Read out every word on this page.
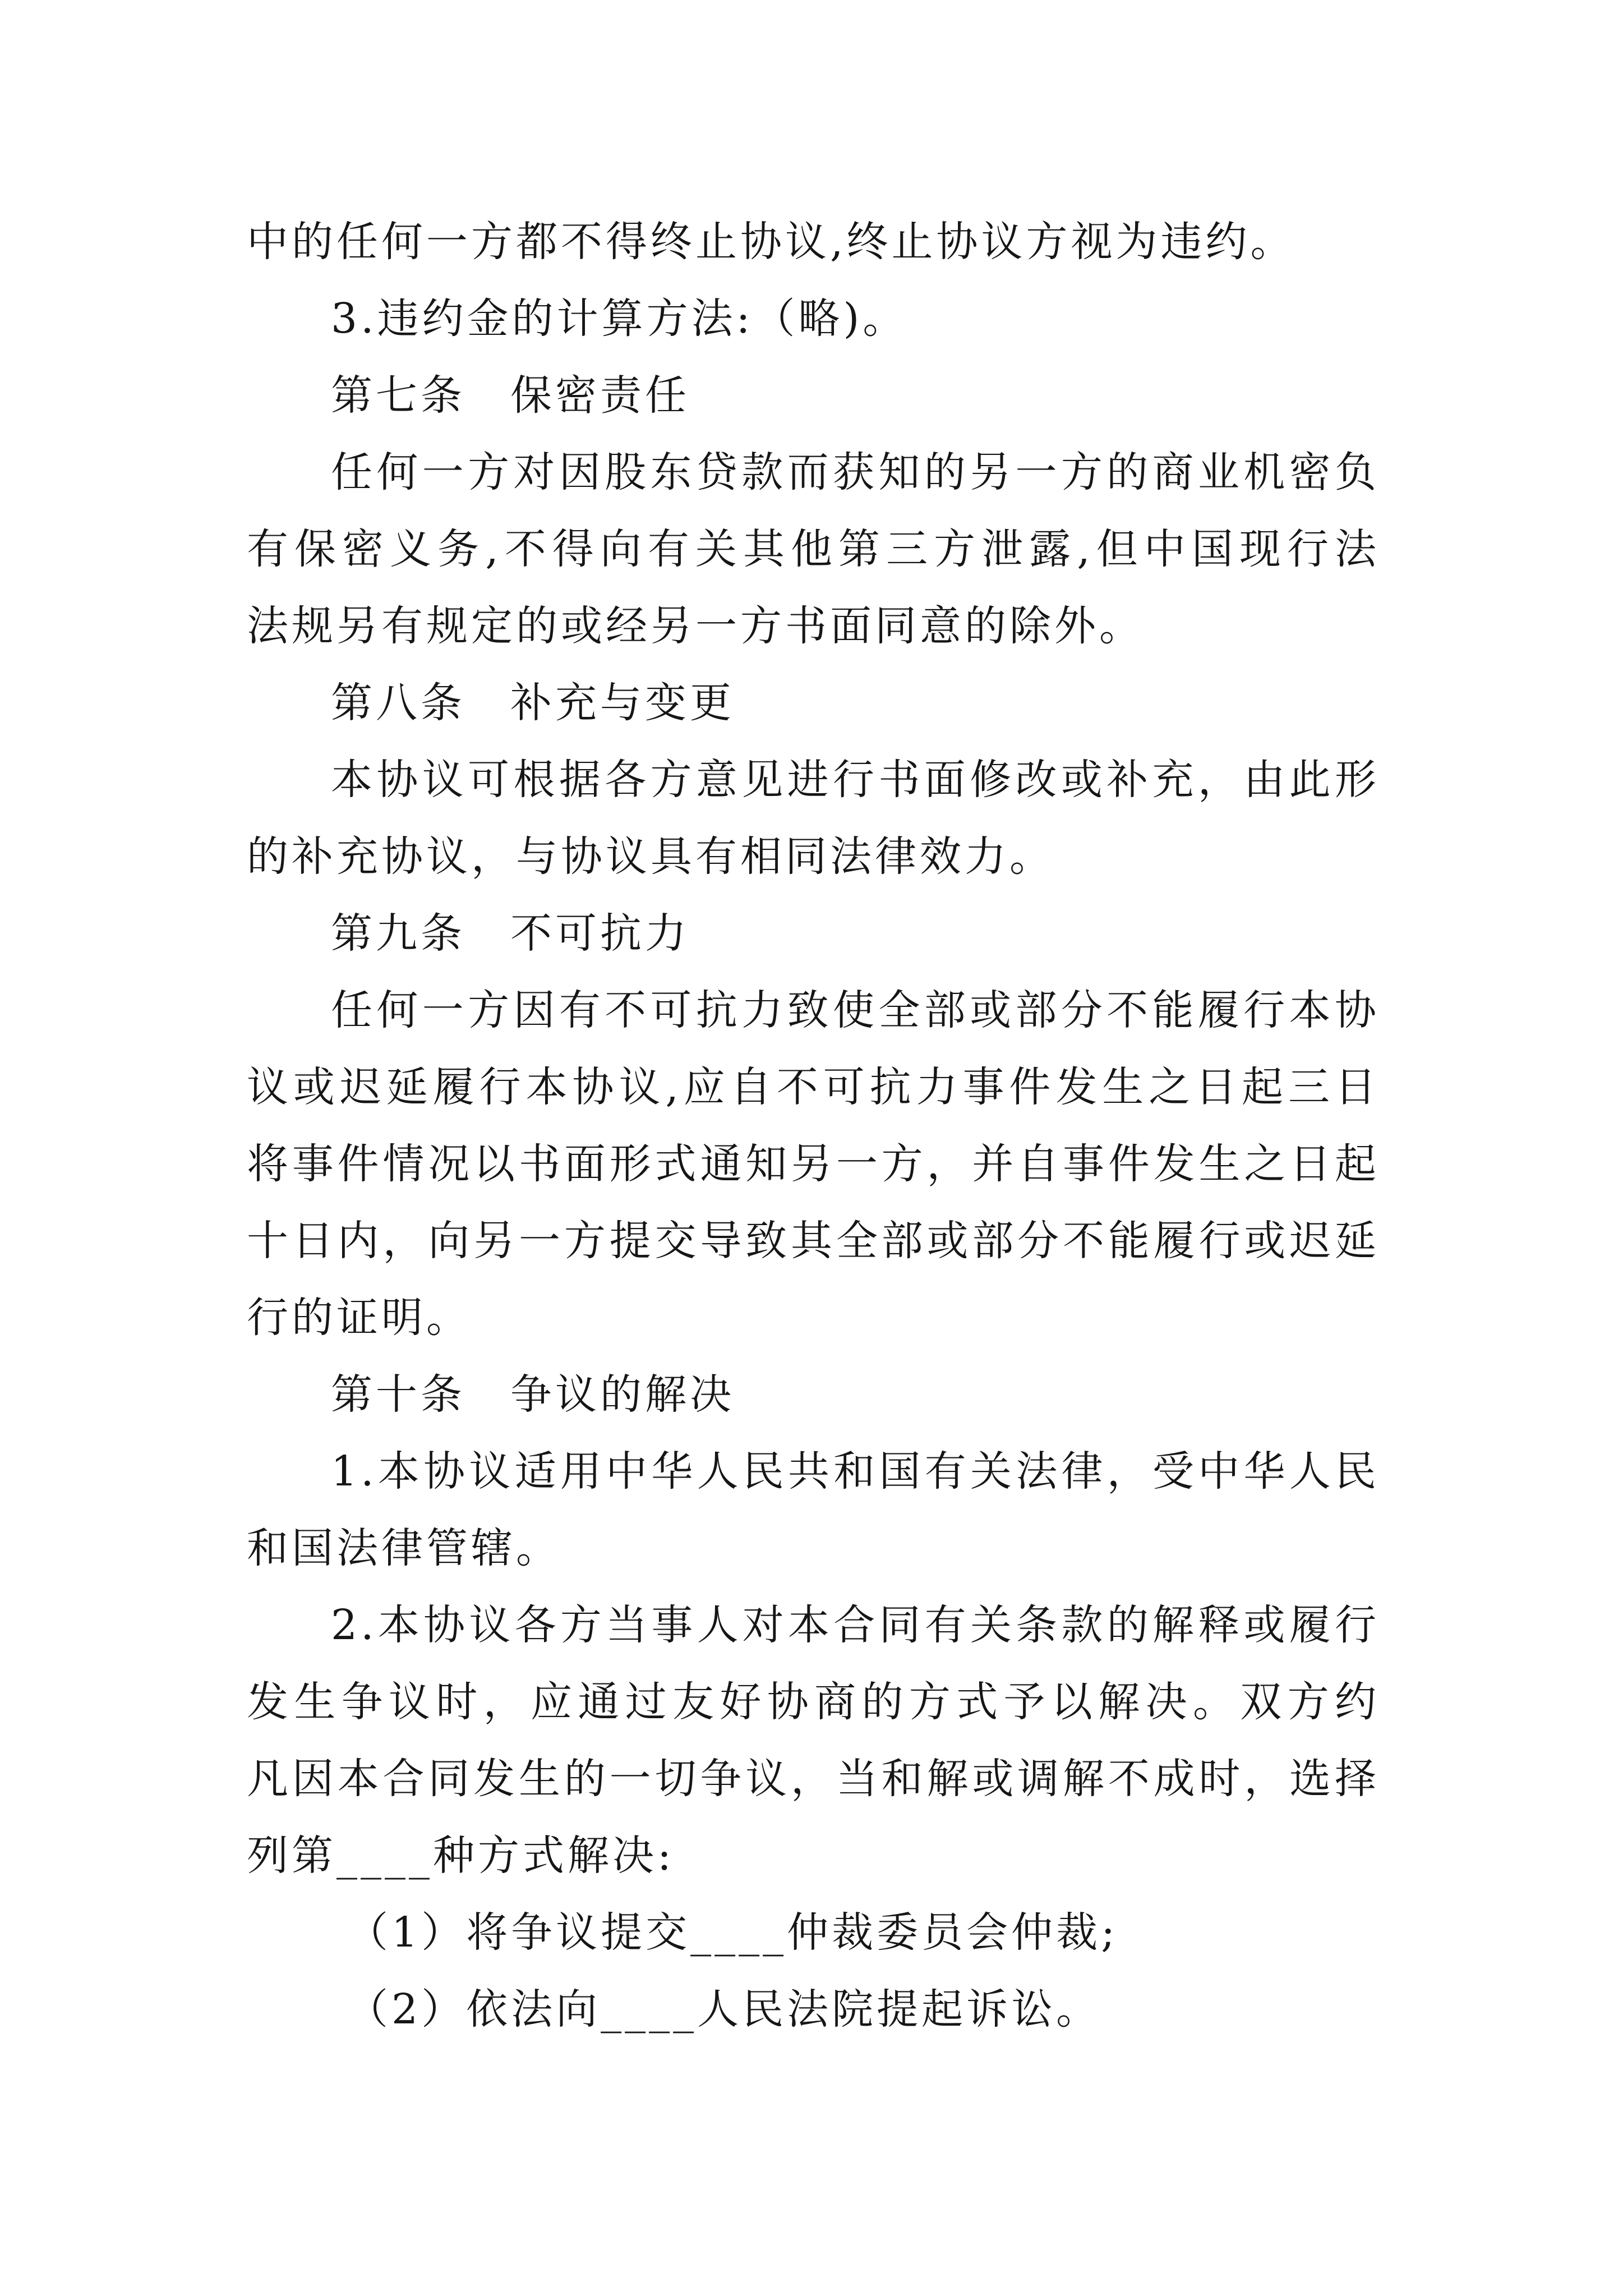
中的任何一方都不得终止协议,终止协议方视为违约。
3.违约金的计算方法:（略)。
第七条　保密责任
任何一方对因股东贷款而获知的另一方的商业机密负
有保密义务,不得向有关其他第三方泄露,但中国现行法
法规另有规定的或经另一方书面同意的除外。
第八条　补充与变更
本协议可根据各方意见进行书面修改或补充，由此形
的补充协议，与协议具有相同法律效力。
第九条　不可抗力
任何一方因有不可抗力致使全部或部分不能履行本协
议或迟延履行本协议,应自不可抗力事件发生之日起三日
将事件情况以书面形式通知另一方，并自事件发生之日起
十日内，向另一方提交导致其全部或部分不能履行或迟延
行的证明。
第十条　争议的解决
1.本协议适用中华人民共和国有关法律，受中华人民
和国法律管辖。
2.本协议各方当事人对本合同有关条款的解释或履行
发生争议时，应通过友好协商的方式予以解决。双方约
凡因本合同发生的一切争议，当和解或调解不成时，选择
列第____种方式解决:
（1）将争议提交____仲裁委员会仲裁;
（2）依法向____人民法院提起诉讼。
